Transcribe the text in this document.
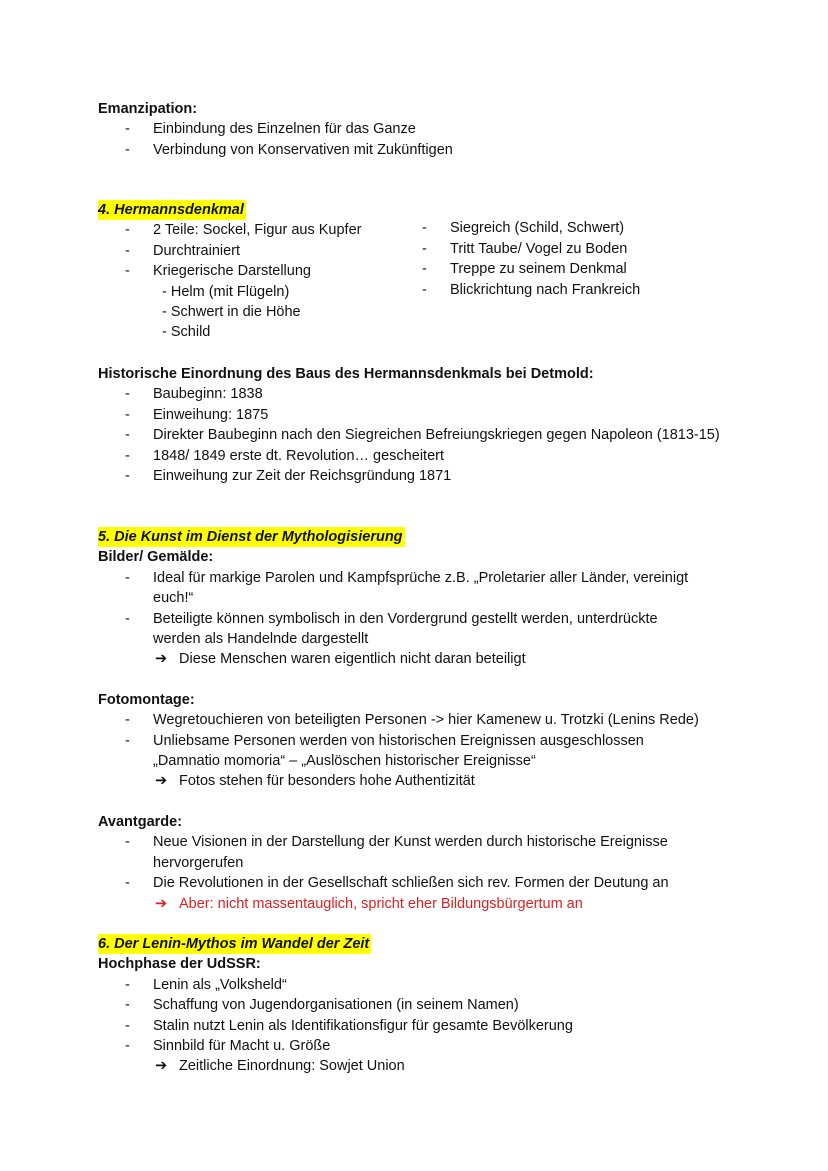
Emanzipation:
- Einbindung des Einzelnen für das Ganze
- Verbindung von Konservativen mit Zukünftigen
4. Hermannsdenkmal
- 2 Teile: Sockel, Figur aus Kupfer
- Durchtrainiert
- Kriegerische Darstellung
- Helm (mit Flügeln)
- Schwert in die Höhe
- Schild
- Siegreich (Schild, Schwert)
- Tritt Taube/ Vogel zu Boden
- Treppe zu seinem Denkmal
- Blickrichtung nach Frankreich
Historische Einordnung des Baus des Hermannsdenkmals bei Detmold:
- Baubeginn: 1838
- Einweihung: 1875
- Direkter Baubeginn nach den Siegreichen Befreiungskriegen gegen Napoleon (1813-15)
- 1848/ 1849 erste dt. Revolution… gescheitert
- Einweihung zur Zeit der Reichsgründung 1871
5. Die Kunst im Dienst der Mythologisierung
Bilder/ Gemälde:
- Ideal für markige Parolen und Kampfsprüche z.B. „Proletarier aller Länder, vereinigt euch!“
- Beteiligte können symbolisch in den Vordergrund gestellt werden, unterdrückte werden als Handelnde dargestellt
➔ Diese Menschen waren eigentlich nicht daran beteiligt
Fotomontage:
- Wegretouchieren von beteiligten Personen -> hier Kamenew u. Trotzki (Lenins Rede)
- Unliebsame Personen werden von historischen Ereignissen ausgeschlossen „Damnatio momoria“ – „Auslöschen historischer Ereignisse“
➔ Fotos stehen für besonders hohe Authentizität
Avantgarde:
- Neue Visionen in der Darstellung der Kunst werden durch historische Ereignisse hervorgerufen
- Die Revolutionen in der Gesellschaft schließen sich rev. Formen der Deutung an
➔ Aber: nicht massentauglich, spricht eher Bildungsbürgertum an
6. Der Lenin-Mythos im Wandel der Zeit
Hochphase der UdSSR:
- Lenin als „Volksheld“
- Schaffung von Jugendorganisationen (in seinem Namen)
- Stalin nutzt Lenin als Identifikationsfigur für gesamte Bevölkerung
- Sinnbild für Macht u. Größe
➔ Zeitliche Einordnung: Sowjet Union
